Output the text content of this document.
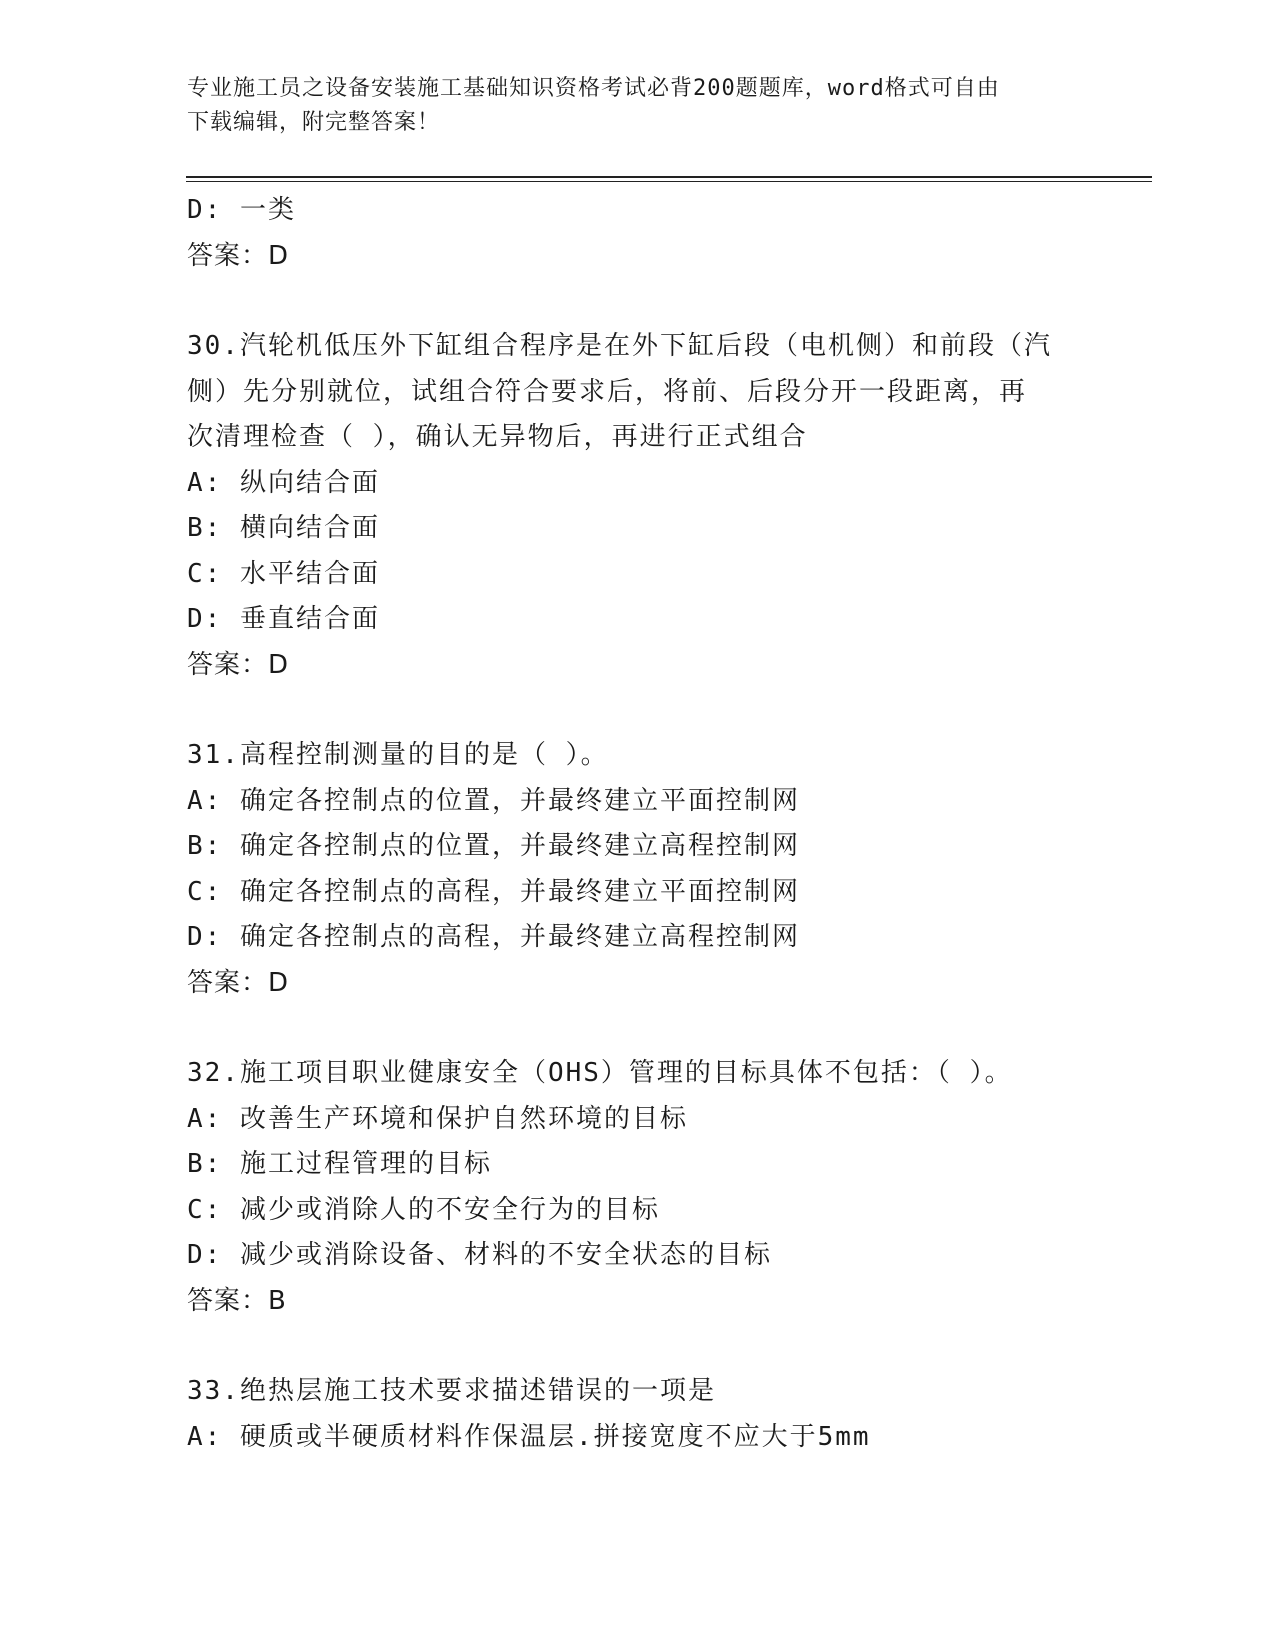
专业施工员之设备安装施工基础知识资格考试必背200题题库，word格式可自由
下载编辑，附完整答案！
D: 一类
答案：D
30.汽轮机低压外下缸组合程序是在外下缸后段（电机侧）和前段（汽
侧）先分别就位，试组合符合要求后，将前、后段分开一段距离，再
次清理检查（ ），确认无异物后，再进行正式组合
A: 纵向结合面
B: 横向结合面
C: 水平结合面
D: 垂直结合面
答案：D
31.高程控制测量的目的是（ ）。
A: 确定各控制点的位置，并最终建立平面控制网
B: 确定各控制点的位置，并最终建立高程控制网
C: 确定各控制点的高程，并最终建立平面控制网
D: 确定各控制点的高程，并最终建立高程控制网
答案：D
32.施工项目职业健康安全（OHS）管理的目标具体不包括：（ ）。
A: 改善生产环境和保护自然环境的目标
B: 施工过程管理的目标
C: 减少或消除人的不安全行为的目标
D: 减少或消除设备、材料的不安全状态的目标
答案：B
33.绝热层施工技术要求描述错误的一项是
A: 硬质或半硬质材料作保温层.拼接宽度不应大于5mm
